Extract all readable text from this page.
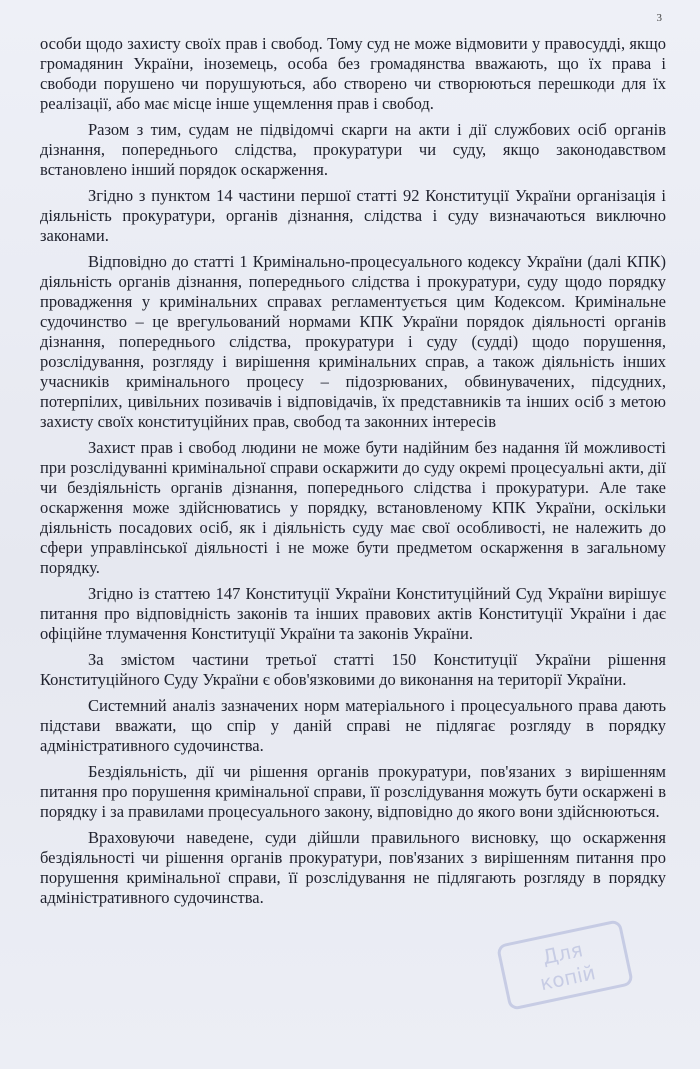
3

особи щодо захисту своїх прав і свобод. Тому суд не може відмовити у правосудді, якщо громадянин України, іноземець, особа без громадянства вважають, що їх права і свободи порушено чи порушуються, або створено чи створюються перешкоди для їх реалізації, або має місце інше ущемлення прав і свобод.

Разом з тим, судам не підвідомчі скарги на акти і дії службових осіб органів дізнання, попереднього слідства, прокуратури чи суду, якщо законодавством встановлено інший порядок оскарження.

Згідно з пунктом 14 частини першої статті 92 Конституції України організація і діяльність прокуратури, органів дізнання, слідства і суду визначаються виключно законами.

Відповідно до статті 1 Кримінально-процесуального кодексу України (далі КПК) діяльність органів дізнання, попереднього слідства і прокуратури, суду щодо порядку провадження у кримінальних справах регламентується цим Кодексом. Кримінальне судочинство – це врегульований нормами КПК України порядок діяльності органів дізнання, попереднього слідства, прокуратури і суду (судді) щодо порушення, розслідування, розгляду і вирішення кримінальних справ, а також діяльність інших учасників кримінального процесу – підозрюваних, обвинувачених, підсудних, потерпілих, цивільних позивачів і відповідачів, їх представників та інших осіб з метою захисту своїх конституційних прав, свобод та законних інтересів

Захист прав і свобод людини не може бути надійним без надання їй можливості при розслідуванні кримінальної справи оскаржити до суду окремі процесуальні акти, дії чи бездіяльність органів дізнання, попереднього слідства і прокуратури. Але таке оскарження може здійснюватись у порядку, встановленому КПК України, оскільки діяльність посадових осіб, як і діяльність суду має свої особливості, не належить до сфери управлінської діяльності і не може бути предметом оскарження в загальному порядку.

Згідно із статтею 147 Конституції України Конституційний Суд України вирішує питання про відповідність законів та інших правових актів Конституції України і дає офіційне тлумачення Конституції України та законів України.

За змістом частини третьої статті 150 Конституції України рішення Конституційного Суду України є обов'язковими до виконання на території України.

Системний аналіз зазначених норм матеріального і процесуального права дають підстави вважати, що спір у даній справі не підлягає розгляду в порядку адміністративного судочинства.

Бездіяльність, дії чи рішення органів прокуратури, пов'язаних з вирішенням питання про порушення кримінальної справи, її розслідування можуть бути оскаржені в порядку і за правилами процесуального закону, відповідно до якого вони здійснюються.

Враховуючи наведене, суди дійшли правильного висновку, що оскарження бездіяльності чи рішення органів прокуратури, пов'язаних з вирішенням питання про порушення кримінальної справи, її розслідування не підлягають розгляду в порядку адміністративного судочинства.

Для
копій
